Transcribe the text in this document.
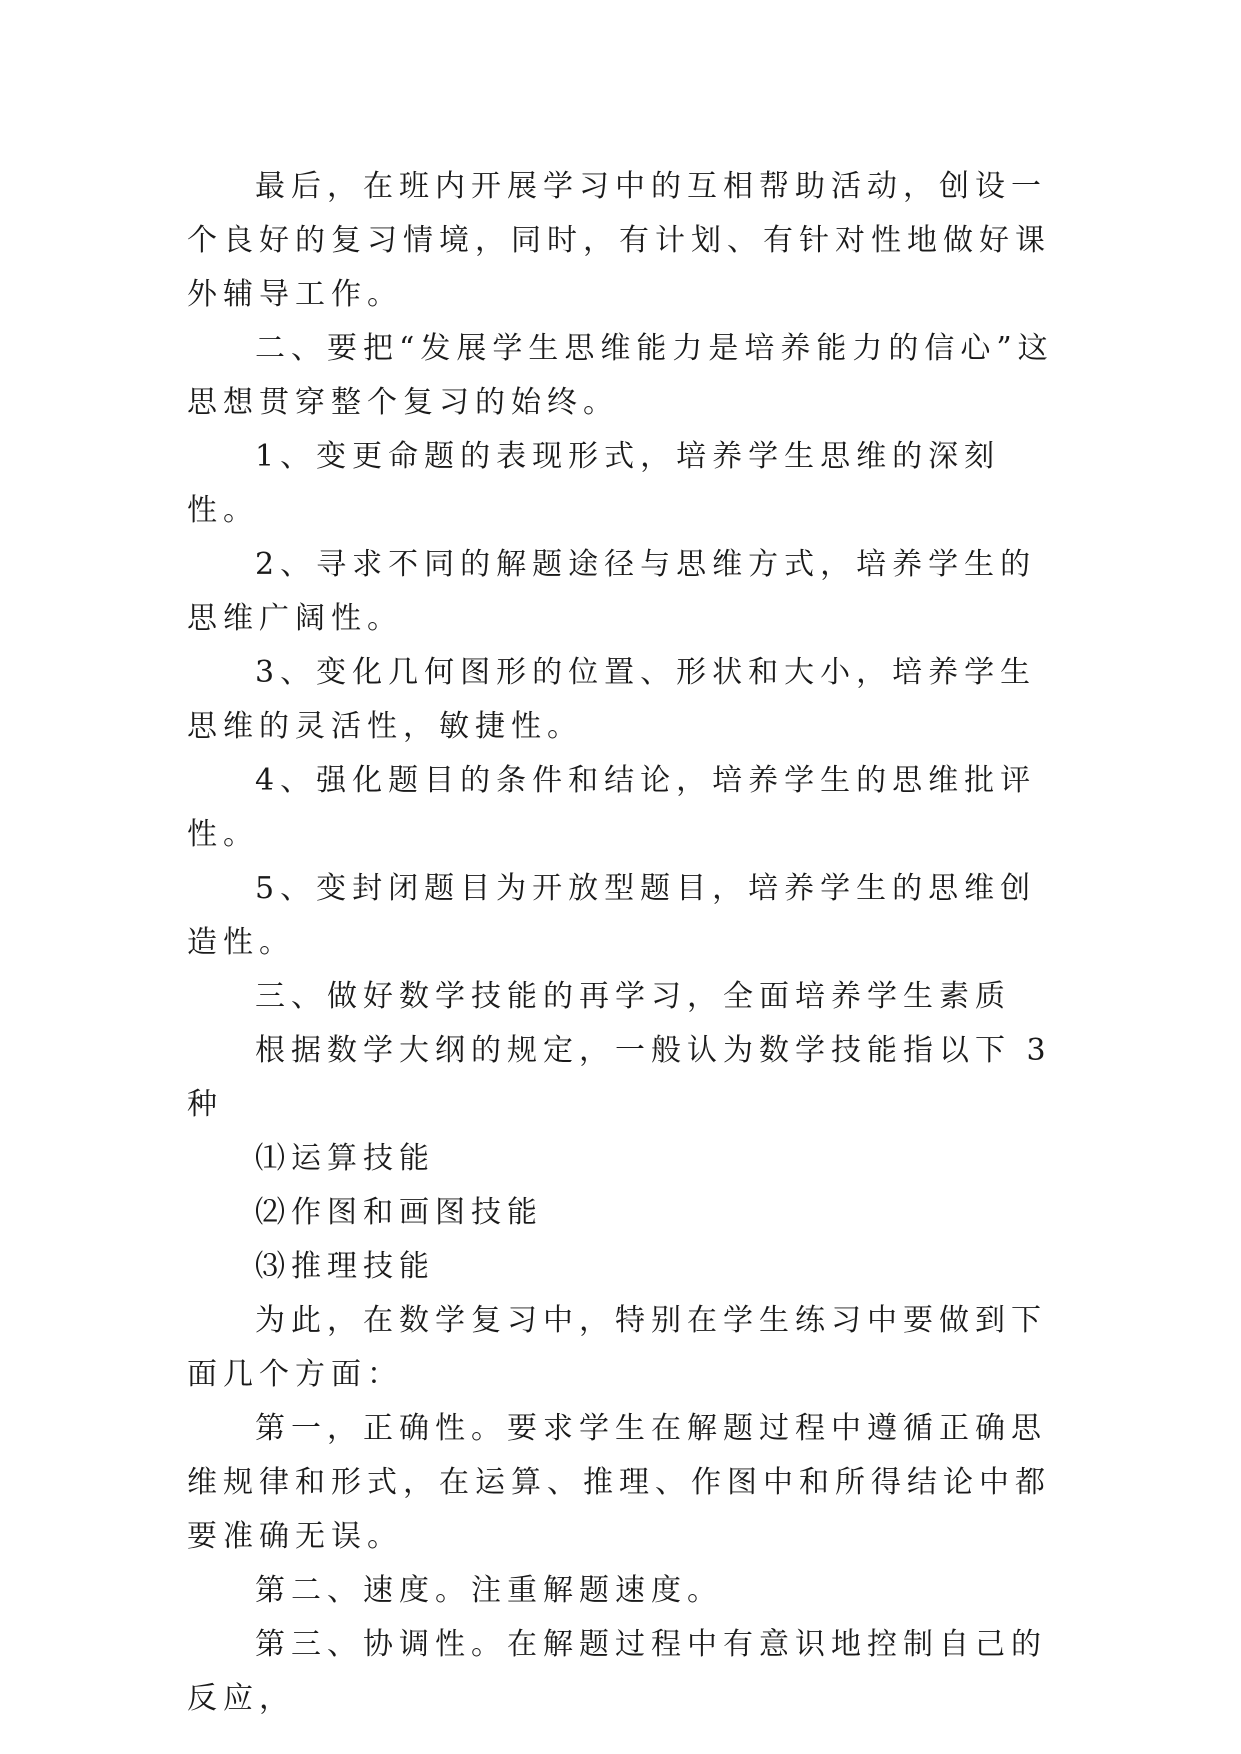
最后，在班内开展学习中的互相帮助活动，创设一个良好的复习情境，同时，有计划、有针对性地做好课外辅导工作。

二、要把“发展学生思维能力是培养能力的信心”这思想贯穿整个复习的始终。

1、变更命题的表现形式，培养学生思维的深刻性。

2、寻求不同的解题途径与思维方式，培养学生的思维广阔性。

3、变化几何图形的位置、形状和大小，培养学生思维的灵活性，敏捷性。

4、强化题目的条件和结论，培养学生的思维批评性。

5、变封闭题目为开放型题目，培养学生的思维创造性。

三、做好数学技能的再学习，全面培养学生素质

根据数学大纲的规定，一般认为数学技能指以下 3 种

⑴运算技能

⑵作图和画图技能

⑶推理技能

为此，在数学复习中，特别在学生练习中要做到下面几个方面：

第一，正确性。要求学生在解题过程中遵循正确思维规律和形式，在运算、推理、作图中和所得结论中都要准确无误。

第二、速度。注重解题速度。

第三、协调性。在解题过程中有意识地控制自己的反应，
